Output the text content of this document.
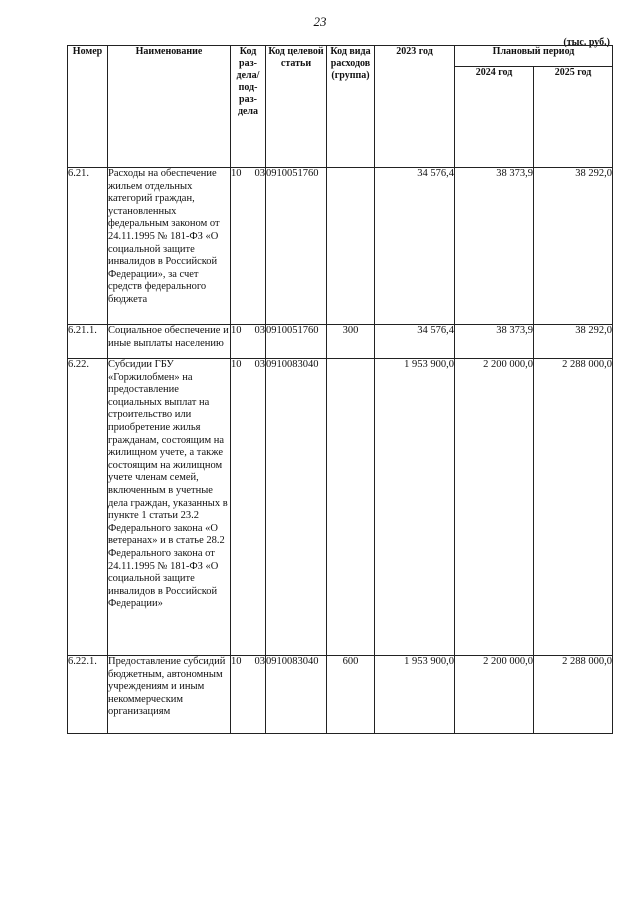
23
(тыс. руб.)
Номер	Наименование	Код раз-дела/ под-раз-дела	Код целевой статьи	Код вида расходов (группа)	2023 год	Плановый период	
						2024 год	2025 год
6.21.	Расходы на обеспечение жильем отдельных категорий граждан, установленных федеральным законом от 24.11.1995 № 181-ФЗ «О социальной защите инвалидов в Российской Федерации», за счет средств федерального бюджета	10 03	0910051760		34 576,4	38 373,9	38 292,0
6.21.1.	Социальное обеспечение и иные выплаты населению	10 03	0910051760	300	34 576,4	38 373,9	38 292,0
6.22.	Субсидии ГБУ «Горжилобмен» на предоставление социальных выплат на строительство или приобретение жилья гражданам, состоящим на жилищном учете, а также состоящим на жилищном учете членам семей, включенным в учетные дела граждан, указанных в пункте 1 статьи 23.2 Федерального закона «О ветеранах» и в статье 28.2 Федерального закона от 24.11.1995 № 181-ФЗ «О социальной защите инвалидов в Российской Федерации»	10 03	0910083040		1 953 900,0	2 200 000,0	2 288 000,0
6.22.1.	Предоставление субсидий бюджетным, автономным учреждениям и иным некоммерческим организациям	10 03	0910083040	600	1 953 900,0	2 200 000,0	2 288 000,0
